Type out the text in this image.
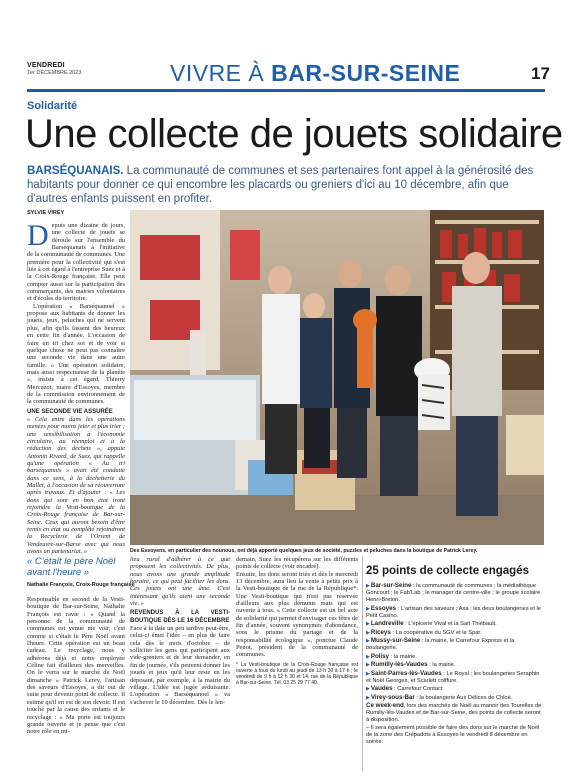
VENDREDI
1er DÉCEMBRE 2023	VIVRE À BAR-SUR-SEINE	17
Solidarité
Une collecte de jouets solidaire
BARSÉQUANAIS. La communauté de communes et ses partenaires font appel à la générosité des habitants pour donner ce qui encombre les placards ou greniers d'ici au 10 décembre, afin que d'autres enfants puissent en profiter.
SYLVIE VIREY

Depuis une dizaine de jours, une collecte de jouets se déroule sur l'ensemble du Barséquanais à l'initiative de la communauté de communes. Une première pour la collectivité qui s'est liée à cet égard à l'entreprise Suez et à la Croix-Rouge française. Elle peut compter aussi sur la participation des commerçants, des mairies volontaires et d'écoles du territoire.

L'opération « Barséquanoel » propose aux habitants de donner les jouets, jeux, peluches qui ne servent plus, afin qu'ils fassent des heureux en cette fin d'année. L'occasion de faire un tri chez soi et de voir si quelque chose ne peut pas connaître une seconde vie dans une autre famille. « Une opération solidaire, mais aussi respectueuse de la planète », insiste à cet égard, Thierry Mercuzot, maire d'Essoyes, membre de la commission environnement de la communauté de communes.

UNE SECONDE VIE ASSURÉE

« Cela entre dans les opérations menées pour moins jeter et plus trier ; une sensibilisation à l'économie circulaire, au réemploi et à la réduction des déchets », appuie Antonin Rivard, de Suez, qui rappelle qu'une opération « Au tri barséquanais » avait été conduite dans ce sens, à la déchetterie du Mallet, à l'occasion de sa réouverture après travaux. Et d'ajouter : « Les dons qui sont en bon état iront rejoindre la Vesti-boutique de la Croix-Rouge française de Bar-sur-Seine. Ceux qui auront besoin d'être remis en état ou complété rejoindront la Recyclerie de l'Orient de Vendeuvre-sur-Barse avec qui nous avons un partenariat. »	Des Essoyens, en particulier des nounous, ont déjà apporté quelques jeux de société, puzzles et peluches dans la boutique de Patrick Lerey.
« C'était le père Noël avant l'heure »
Nathalie François, Croix-Rouge française

Responsable en second de la Vesti-boutique de Bar-sur-Seine, Nathalie François est ravie : « Quand la personne de la communauté de communes est venue me voir, c'est comme si c'était le Père Noël avant l'heure. Cette opération est un beau cadeau. Le recyclage, nous y adhérons déjà et notre employée Céline fait d'ailleurs des merveilles. On le verra sur le marché de Noël dimanche » Patrick Lerey, l'artisan des saveurs d'Essoyes, a dit oui de suite pour devenir point de collecte. Il estime qu'il en est de son devoir. Il est touché par la cause des enfants et le recyclage : « Ma porte est toujours grande ouverte et je pense que c'est notre rôle en mi-

lieu rural d'adhérer à ce que proposent les collectivités. De plus, nous avons une grande amplitude horaire, ce qui peut faciliter les dons. Ces jouets ont une âme. C'est intéressant qu'ils aient une seconde vie. »

REVENDUS À LA VESTI-BOUTIQUE DÈS LE 16 DÉCEMBRE

Face à la date un peu tardive peut-être, celui-ci émet l'idée – en plus de faire cela dès le mois d'octobre – de solliciter les gens qui participent aux vide-greniers et de leur demander, en fin de journée, s'ils peuvent donner les jouets et jeux qu'il leur reste en les déposant, par exemple, à la mairie du village. L'idée est jugée séduisante. L'opération « Barséquanoel » va s'achever le 10 décembre. Dès le len-

demain, Suez les récupérera sur les différents points de collecte (voir encadré).

Ensuite, les dons seront triés et dès le mercredi 13 décembre, aura lieu la vente à petits prix à la Vesti-boutique de la rue de la République*. Une Vesti-boutique qui n'est pas réservée d'ailleurs aux plus démunis mais qui est ouverte à tous. « Cette collecte est un bel acte de solidarité qui permet d'envisager ces fêtes de fin d'année, souvent synonymes d'abondance, sous le prisme du partage et de la responsabilité écologique », ponctue Claude Penot, président de la communauté de communes.

* La Vesti-boutique de la Croix-Rouge française est ouverte à tous du lundi au jeudi de 13 h 30 à 17 h ; le vendredi de 9 h à 12 h 30 et 14, rue de la République à Bar-sur-Seine. Tél. 03 25 29 77 40.

25 points de collecte engagés

▶Bar-sur-Seine : la communauté de communes ; la médiathèque Goncourt ; le Fab'Lab ; le manager de centre-ville ; le groupe scolaire Henri-Breton.

▶Essoyes : L'artisan des saveurs ; Axa ; les deux boulangeries et le Petit Casino.

▶Landreville : L'épicerie Vival et la Sarl Thiébault.

▶Riceys : La coopérative du SGV et le Spar.

▶Mussy-sur-Seine : la mairie, le Carrefour Express et la boulangerie.

▶Polisy : la mairie.

▶Rumilly-lès-Vaudes : la mairie.

▶Saint-Parres-lès-Vaudes : Le Royal ; les boulangeries Seraphin et Noël Georges, et Scarlett coiffure.

▶Vaudes : Carrefour Contact

▶Virey-sous-Bar : la boulangerie Aux Délices de Chloé.

Ce week-end, lors des marchés de Noël au manoir des Tourelles de Rumilly-lès-Vaudes et de Bar-sur-Seine, des points de collecte seront à disposition.

– Il sera également possible de faire des dons sur le marché de Noël de la zone des Crépadots à Essoyes le vendredi 8 décembre en soirée.
